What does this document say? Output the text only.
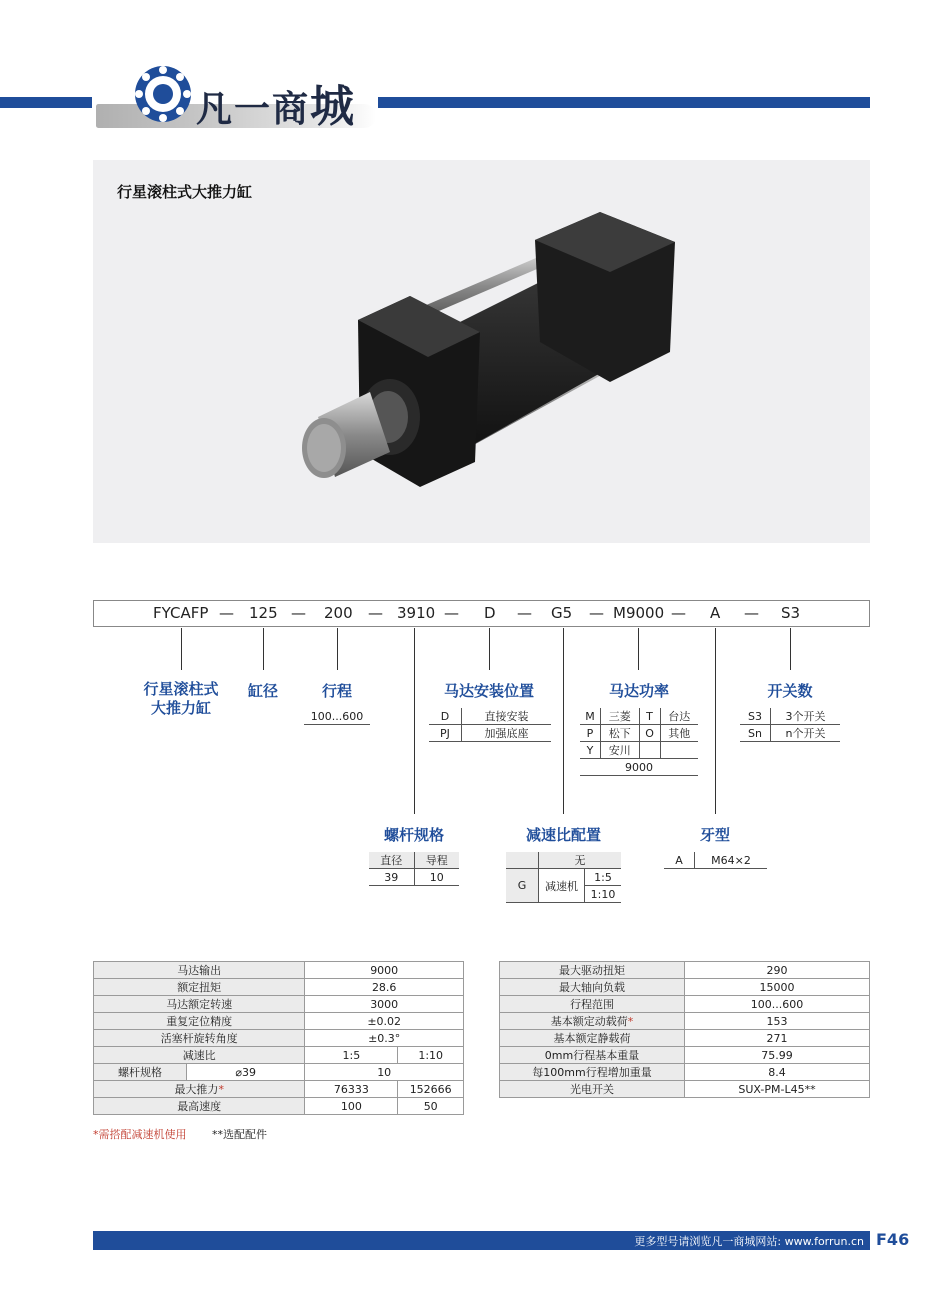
凡一商城
行星滚柱式大推力缸
FYCAFP — 125 — 200 — 3910 — D — G5 — M9000 — A — S3
行星滚柱式
大推力缸
缸径	行程	马达安装位置	马达功率	开关数
100...600	D	直接安装
PJ	加强底座
M	三菱	T	台达
P	松下	O	其他
Y	安川		
9000			
S3	3个开关
Sn	n个开关
螺杆规格	减速比配置	牙型
直径	导程
39	10
	无	
G	减速机	1:5
		1:10
A	M64×2
马达输出		9000	
额定扭矩		28.6	
马达额定转速		3000	
重复定位精度		±0.02	
活塞杆旋转角度		±0.3°	
减速比		1:5	1:10
螺杆规格	⌀39	10	
最大推力*		76333	152666
最高速度		100	50
最大驱动扭矩	290
最大轴向负载	15000
行程范围	100...600
基本额定动载荷*	153
基本额定静载荷	271
0mm行程基本重量	75.99
每100mm行程增加重量	8.4
光电开关	SUX-PM-L45**
*需搭配减速机使用 **选配配件
更多型号请浏览凡一商城网站: www.forrun.cn F46
